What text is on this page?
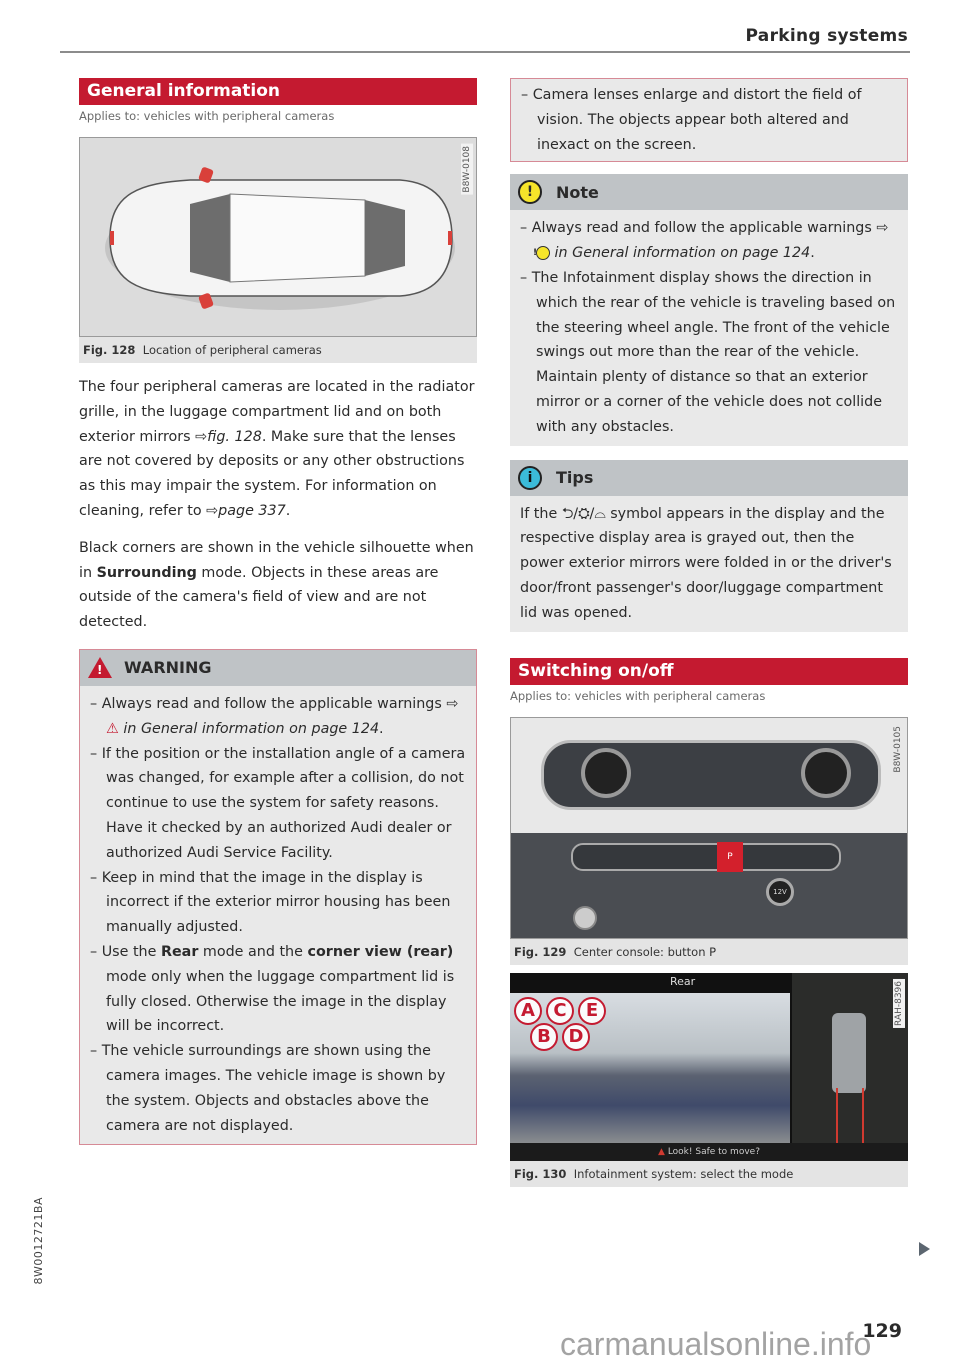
Parking systems
General information
Applies to: vehicles with peripheral cameras
B8W-0108
Fig. 128 Location of peripheral cameras

The four peripheral cameras are located in the radiator grille, in the luggage compartment lid and on both exterior mirrors ⇨fig. 128. Make sure that the lenses are not covered by deposits or any other obstructions as this may impair the system. For information on cleaning, refer to ⇨page 337.

Black corners are shown in the vehicle silhouette when in Surrounding mode. Objects in these areas are outside of the camera's field of view and are not detected.

!
WARNING
– Always read and follow the applicable warnings ⇨ ⚠ in General information on page 124.
– If the position or the installation angle of a camera was changed, for example after a collision, do not continue to use the system for safety reasons. Have it checked by an authorized Audi dealer or authorized Audi Service Facility.
– Keep in mind that the image in the display is incorrect if the exterior mirror housing has been manually adjusted.
– Use the Rear mode and the corner view (rear) mode only when the luggage compartment lid is fully closed. Otherwise the image in the display will be incorrect.
– The vehicle surroundings are shown using the camera images. The vehicle image is shown by the system. Objects and obstacles above the camera are not displayed.
– Camera lenses enlarge and distort the field of vision. The objects appear both altered and inexact on the screen.
!	Note
– Always read and follow the applicable warnings ⇨ ! in General information on page 124.
– The Infotainment display shows the direction in which the rear of the vehicle is traveling based on the steering wheel angle. The front of the vehicle swings out more than the rear of the vehicle. Maintain plenty of distance so that an exterior mirror or a corner of the vehicle does not collide with any obstacles.
i	Tips
If the ⮌/⛭/⌓ symbol appears in the display and the respective display area is grayed out, then the power exterior mirrors were folded in or the driver's door/front passenger's door/luggage compartment lid was opened.
Switching on/off
Applies to: vehicles with peripheral cameras
P
12V
B8W-0105
Fig. 129 Center console: button P
Rear
▲ Look! Safe to move?
A
B
C
D
E	RAH-8396
Fig. 130 Infotainment system: select the mode
8W0012721BA
carmanualsonline.info
129
